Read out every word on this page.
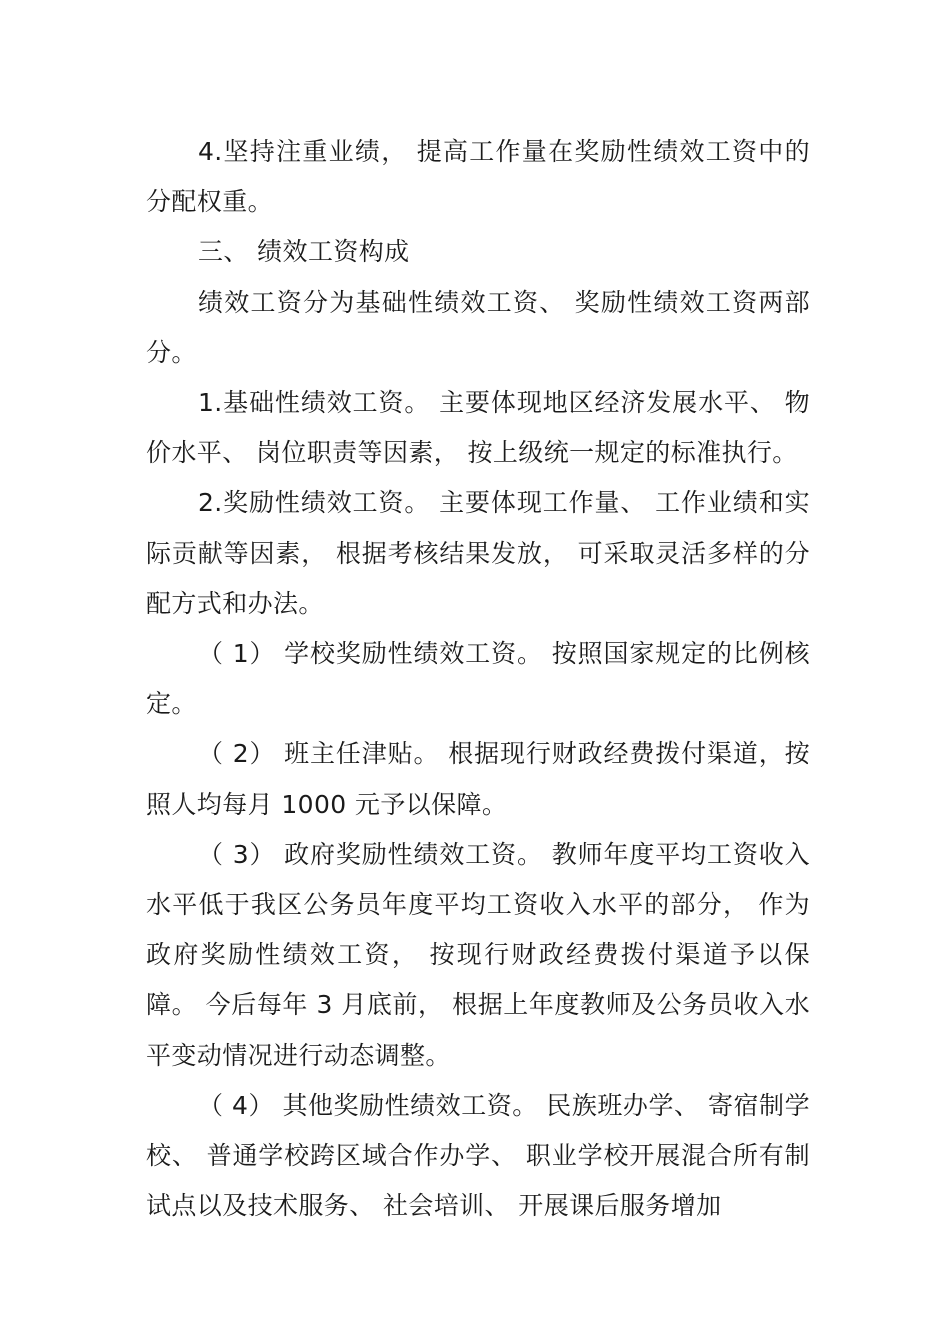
4.坚持注重业绩， 提高工作量在奖励性绩效工资中的分配权重。

三、 绩效工资构成

绩效工资分为基础性绩效工资、 奖励性绩效工资两部分。

1.基础性绩效工资。 主要体现地区经济发展水平、 物价水平、 岗位职责等因素， 按上级统一规定的标准执行。

2.奖励性绩效工资。 主要体现工作量、 工作业绩和实际贡献等因素， 根据考核结果发放， 可采取灵活多样的分配方式和办法。

（ 1） 学校奖励性绩效工资。 按照国家规定的比例核定。

（ 2） 班主任津贴。 根据现行财政经费拨付渠道，按照人均每月 1000 元予以保障。

（ 3） 政府奖励性绩效工资。 教师年度平均工资收入水平低于我区公务员年度平均工资收入水平的部分， 作为政府奖励性绩效工资， 按现行财政经费拨付渠道予以保障。 今后每年 3 月底前， 根据上年度教师及公务员收入水平变动情况进行动态调整。

（ 4） 其他奖励性绩效工资。 民族班办学、 寄宿制学校、 普通学校跨区域合作办学、 职业学校开展混合所有制试点以及技术服务、 社会培训、 开展课后服务增加
